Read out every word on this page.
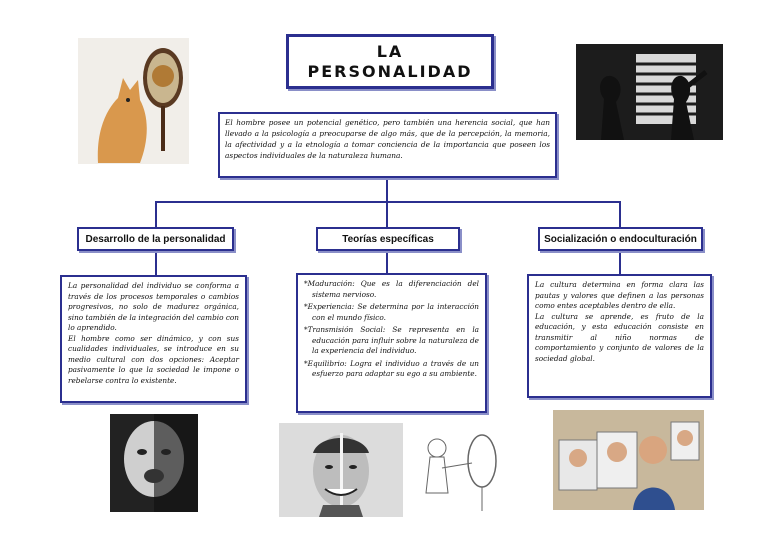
LA
PERSONALIDAD
El hombre posee un potencial genético, pero también una herencia social, que han llevado a la psicología a preocuparse de algo más, que de la percepción, la memoria, la afectividad y a la etnología a tomar conciencia de la importancia que poseen los aspectos individuales de la naturaleza humana.
Desarrollo de la personalidad	Teorías específicas	Socialización o endoculturación

La personalidad del individuo se conforma a través de los procesos temporales o cambios progresivos, no solo de madurez orgánica, sino también de la integración del cambio con lo aprendido.

El hombre como ser dinámico, y con sus cualidades individuales, se introduce en su medio cultural con dos opciones: Aceptar pasivamente lo que la sociedad le impone o rebelarse contra lo existente.

*Maduración: Que es la diferenciación del sistema nervioso.

*Experiencia: Se determina por la interacción con el mundo físico.

*Transmisión Social: Se representa en la educación para influir sobre la naturaleza de la experiencia del individuo.

*Equilibrio: Logra el individuo a través de un esfuerzo para adaptar su ego a su ambiente.

La cultura determina en forma clara las pautas y valores que definen a las personas como entes aceptables dentro de ella.

La cultura se aprende, es fruto de la educación, y esta educación consiste en transmitir al niño normas de comportamiento y conjunto de valores de la sociedad global.
